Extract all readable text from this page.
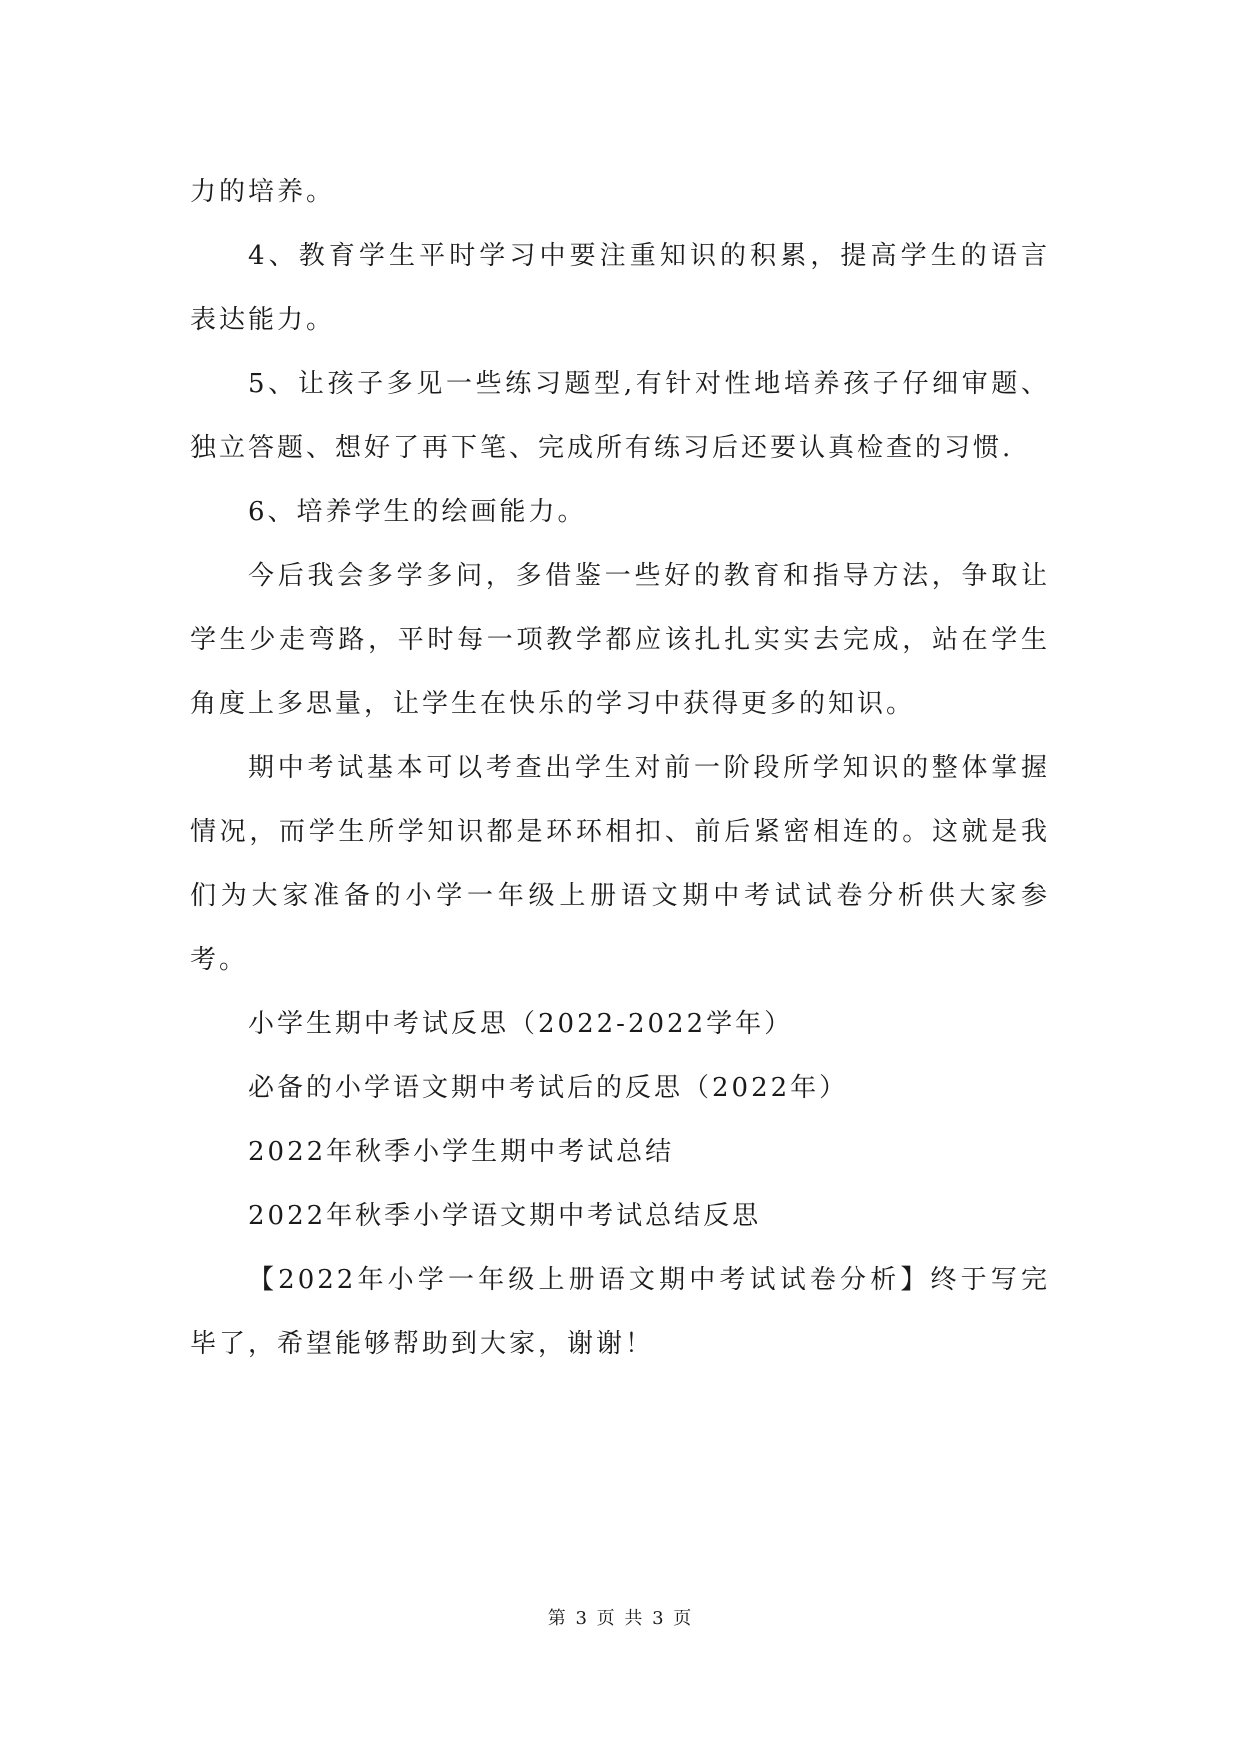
力的培养。

4、教育学生平时学习中要注重知识的积累，提高学生的语言表达能力。

5、让孩子多见一些练习题型,有针对性地培养孩子仔细审题、独立答题、想好了再下笔、完成所有练习后还要认真检查的习惯.

6、培养学生的绘画能力。

今后我会多学多问，多借鉴一些好的教育和指导方法，争取让学生少走弯路，平时每一项教学都应该扎扎实实去完成，站在学生角度上多思量，让学生在快乐的学习中获得更多的知识。

期中考试基本可以考查出学生对前一阶段所学知识的整体掌握情况，而学生所学知识都是环环相扣、前后紧密相连的。这就是我们为大家准备的小学一年级上册语文期中考试试卷分析供大家参考。

小学生期中考试反思（2022-2022学年）

必备的小学语文期中考试后的反思（2022年）

2022年秋季小学生期中考试总结

2022年秋季小学语文期中考试总结反思

【2022年小学一年级上册语文期中考试试卷分析】终于写完毕了，希望能够帮助到大家，谢谢！

第 3 页 共 3 页
